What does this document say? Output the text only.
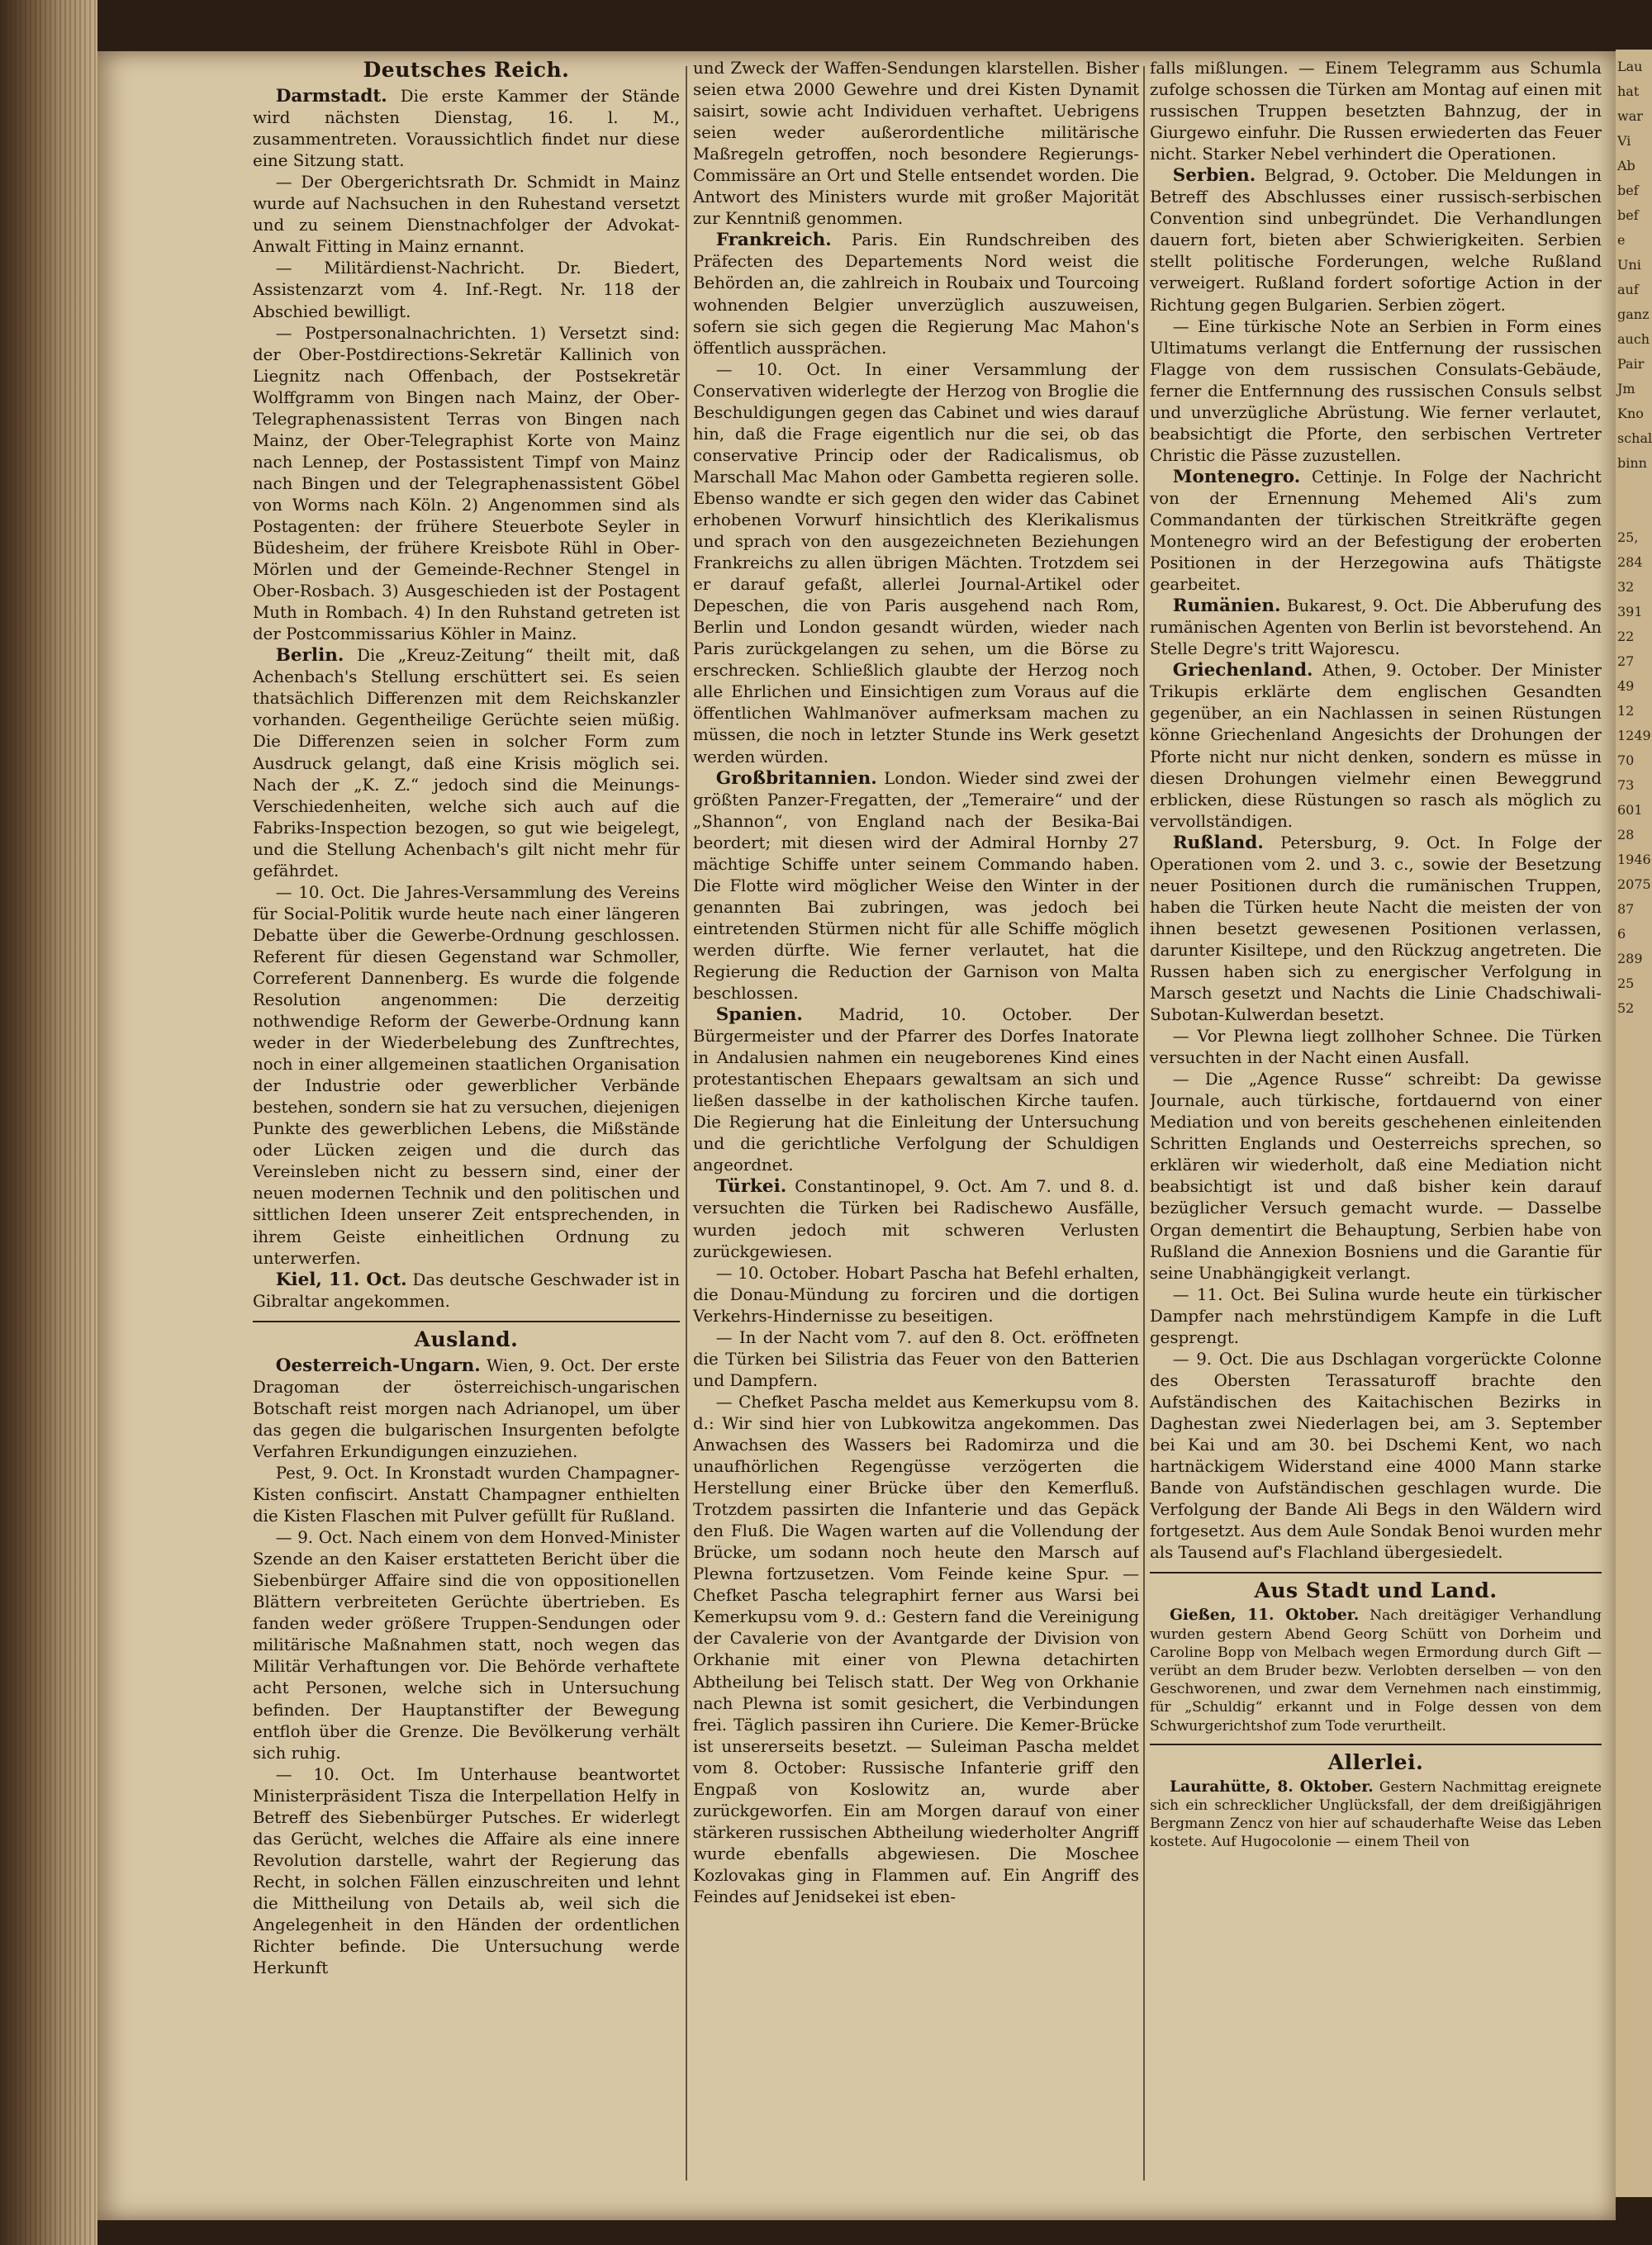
Lau
hat
war
Vi
Ab
bef
bef
e
Uni
auf
ganz
auch
Pair
Jm
Kno
schal
binn

25,
284
32
391
22
27
49
12
1249
70
73
601
28
1946
2075
87
6
289
25
52
Deutsches Reich.

Darmstadt. Die erste Kammer der Stände wird nächsten Dienstag, 16. l. M., zusammentreten. Voraussichtlich findet nur diese eine Sitzung statt.

— Der Obergerichtsrath Dr. Schmidt in Mainz wurde auf Nachsuchen in den Ruhestand versetzt und zu seinem Dienstnachfolger der Advokat-Anwalt Fitting in Mainz ernannt.

— Militärdienst-Nachricht. Dr. Biedert, Assistenzarzt vom 4. Inf.-Regt. Nr. 118 der Abschied bewilligt.

— Postpersonalnachrichten. 1) Versetzt sind: der Ober-Postdirections-Sekretär Kallinich von Liegnitz nach Offenbach, der Postsekretär Wolffgramm von Bingen nach Mainz, der Ober-Telegraphenassistent Terras von Bingen nach Mainz, der Ober-Telegraphist Korte von Mainz nach Lennep, der Postassistent Timpf von Mainz nach Bingen und der Telegraphenassistent Göbel von Worms nach Köln. 2) Angenommen sind als Postagenten: der frühere Steuerbote Seyler in Büdesheim, der frühere Kreisbote Rühl in Ober-Mörlen und der Gemeinde-Rechner Stengel in Ober-Rosbach. 3) Ausgeschieden ist der Postagent Muth in Rombach. 4) In den Ruhstand getreten ist der Postcommissarius Köhler in Mainz.

Berlin. Die „Kreuz-Zeitung“ theilt mit, daß Achenbach's Stellung erschüttert sei. Es seien thatsächlich Differenzen mit dem Reichskanzler vorhanden. Gegentheilige Gerüchte seien müßig. Die Differenzen seien in solcher Form zum Ausdruck gelangt, daß eine Krisis möglich sei. Nach der „K. Z.“ jedoch sind die Meinungs-Verschiedenheiten, welche sich auch auf die Fabriks-Inspection bezogen, so gut wie beigelegt, und die Stellung Achenbach's gilt nicht mehr für gefährdet.

— 10. Oct. Die Jahres-Versammlung des Vereins für Social-Politik wurde heute nach einer längeren Debatte über die Gewerbe-Ordnung geschlossen. Referent für diesen Gegenstand war Schmoller, Correferent Dannenberg. Es wurde die folgende Resolution angenommen: Die derzeitig nothwendige Reform der Gewerbe-Ordnung kann weder in der Wiederbelebung des Zunftrechtes, noch in einer allgemeinen staatlichen Organisation der Industrie oder gewerblicher Verbände bestehen, sondern sie hat zu versuchen, diejenigen Punkte des gewerblichen Lebens, die Mißstände oder Lücken zeigen und die durch das Vereinsleben nicht zu bessern sind, einer der neuen modernen Technik und den politischen und sittlichen Ideen unserer Zeit entsprechenden, in ihrem Geiste einheitlichen Ordnung zu unterwerfen.

Kiel, 11. Oct. Das deutsche Geschwader ist in Gibraltar angekommen.

Ausland.

Oesterreich-Ungarn. Wien, 9. Oct. Der erste Dragoman der österreichisch-ungarischen Botschaft reist morgen nach Adrianopel, um über das gegen die bulgarischen Insurgenten befolgte Verfahren Erkundigungen einzuziehen.

Pest, 9. Oct. In Kronstadt wurden Champagner-Kisten confiscirt. Anstatt Champagner enthielten die Kisten Flaschen mit Pulver gefüllt für Rußland.

— 9. Oct. Nach einem von dem Honved-Minister Szende an den Kaiser erstatteten Bericht über die Siebenbürger Affaire sind die von oppositionellen Blättern verbreiteten Gerüchte übertrieben. Es fanden weder größere Truppen-Sendungen oder militärische Maßnahmen statt, noch wegen das Militär Verhaftungen vor. Die Behörde verhaftete acht Personen, welche sich in Untersuchung befinden. Der Hauptanstifter der Bewegung entfloh über die Grenze. Die Bevölkerung verhält sich ruhig.

— 10. Oct. Im Unterhause beantwortet Ministerpräsident Tisza die Interpellation Helfy in Betreff des Siebenbürger Putsches. Er widerlegt das Gerücht, welches die Affaire als eine innere Revolution darstelle, wahrt der Regierung das Recht, in solchen Fällen einzuschreiten und lehnt die Mittheilung von Details ab, weil sich die Angelegenheit in den Händen der ordentlichen Richter befinde. Die Untersuchung werde Herkunft

und Zweck der Waffen-Sendungen klarstellen. Bisher seien etwa 2000 Gewehre und drei Kisten Dynamit saisirt, sowie acht Individuen verhaftet. Uebrigens seien weder außerordentliche militärische Maßregeln getroffen, noch besondere Regierungs-Commissäre an Ort und Stelle entsendet worden. Die Antwort des Ministers wurde mit großer Majorität zur Kenntniß genommen.

Frankreich. Paris. Ein Rundschreiben des Präfecten des Departements Nord weist die Behörden an, die zahlreich in Roubaix und Tourcoing wohnenden Belgier unverzüglich auszuweisen, sofern sie sich gegen die Regierung Mac Mahon's öffentlich aussprächen.

— 10. Oct. In einer Versammlung der Conservativen widerlegte der Herzog von Broglie die Beschuldigungen gegen das Cabinet und wies darauf hin, daß die Frage eigentlich nur die sei, ob das conservative Princip oder der Radicalismus, ob Marschall Mac Mahon oder Gambetta regieren solle. Ebenso wandte er sich gegen den wider das Cabinet erhobenen Vorwurf hinsichtlich des Klerikalismus und sprach von den ausgezeichneten Beziehungen Frankreichs zu allen übrigen Mächten. Trotzdem sei er darauf gefaßt, allerlei Journal-Artikel oder Depeschen, die von Paris ausgehend nach Rom, Berlin und London gesandt würden, wieder nach Paris zurückgelangen zu sehen, um die Börse zu erschrecken. Schließlich glaubte der Herzog noch alle Ehrlichen und Einsichtigen zum Voraus auf die öffentlichen Wahlmanöver aufmerksam machen zu müssen, die noch in letzter Stunde ins Werk gesetzt werden würden.

Großbritannien. London. Wieder sind zwei der größten Panzer-Fregatten, der „Temeraire“ und der „Shannon“, von England nach der Besika-Bai beordert; mit diesen wird der Admiral Hornby 27 mächtige Schiffe unter seinem Commando haben. Die Flotte wird möglicher Weise den Winter in der genannten Bai zubringen, was jedoch bei eintretenden Stürmen nicht für alle Schiffe möglich werden dürfte. Wie ferner verlautet, hat die Regierung die Reduction der Garnison von Malta beschlossen.

Spanien. Madrid, 10. October. Der Bürgermeister und der Pfarrer des Dorfes Inatorate in Andalusien nahmen ein neugeborenes Kind eines protestantischen Ehepaars gewaltsam an sich und ließen dasselbe in der katholischen Kirche taufen. Die Regierung hat die Einleitung der Untersuchung und die gerichtliche Verfolgung der Schuldigen angeordnet.

Türkei. Constantinopel, 9. Oct. Am 7. und 8. d. versuchten die Türken bei Radischewo Ausfälle, wurden jedoch mit schweren Verlusten zurückgewiesen.

— 10. October. Hobart Pascha hat Befehl erhalten, die Donau-Mündung zu forciren und die dortigen Verkehrs-Hindernisse zu beseitigen.

— In der Nacht vom 7. auf den 8. Oct. eröffneten die Türken bei Silistria das Feuer von den Batterien und Dampfern.

— Chefket Pascha meldet aus Kemerkupsu vom 8. d.: Wir sind hier von Lubkowitza angekommen. Das Anwachsen des Wassers bei Radomirza und die unaufhörlichen Regengüsse verzögerten die Herstellung einer Brücke über den Kemerfluß. Trotzdem passirten die Infanterie und das Gepäck den Fluß. Die Wagen warten auf die Vollendung der Brücke, um sodann noch heute den Marsch auf Plewna fortzusetzen. Vom Feinde keine Spur. — Chefket Pascha telegraphirt ferner aus Warsi bei Kemerkupsu vom 9. d.: Gestern fand die Vereinigung der Cavalerie von der Avantgarde der Division von Orkhanie mit einer von Plewna detachirten Abtheilung bei Telisch statt. Der Weg von Orkhanie nach Plewna ist somit gesichert, die Verbindungen frei. Täglich passiren ihn Curiere. Die Kemer-Brücke ist unsererseits besetzt. — Suleiman Pascha meldet vom 8. October: Russische Infanterie griff den Engpaß von Koslowitz an, wurde aber zurückgeworfen. Ein am Morgen darauf von einer stärkeren russischen Abtheilung wiederholter Angriff wurde ebenfalls abgewiesen. Die Moschee Kozlovakas ging in Flammen auf. Ein Angriff des Feindes auf Jenidsekei ist eben-

falls mißlungen. — Einem Telegramm aus Schumla zufolge schossen die Türken am Montag auf einen mit russischen Truppen besetzten Bahnzug, der in Giurgewo einfuhr. Die Russen erwiederten das Feuer nicht. Starker Nebel verhindert die Operationen.

Serbien. Belgrad, 9. October. Die Meldungen in Betreff des Abschlusses einer russisch-serbischen Convention sind unbegründet. Die Verhandlungen dauern fort, bieten aber Schwierigkeiten. Serbien stellt politische Forderungen, welche Rußland verweigert. Rußland fordert sofortige Action in der Richtung gegen Bulgarien. Serbien zögert.

— Eine türkische Note an Serbien in Form eines Ultimatums verlangt die Entfernung der russischen Flagge von dem russischen Consulats-Gebäude, ferner die Entfernnung des russischen Consuls selbst und unverzügliche Abrüstung. Wie ferner verlautet, beabsichtigt die Pforte, den serbischen Vertreter Christic die Pässe zuzustellen.

Montenegro. Cettinje. In Folge der Nachricht von der Ernennung Mehemed Ali's zum Commandanten der türkischen Streitkräfte gegen Montenegro wird an der Befestigung der eroberten Positionen in der Herzegowina aufs Thätigste gearbeitet.

Rumänien. Bukarest, 9. Oct. Die Abberufung des rumänischen Agenten von Berlin ist bevorstehend. An Stelle Degre's tritt Wajorescu.

Griechenland. Athen, 9. October. Der Minister Trikupis erklärte dem englischen Gesandten gegenüber, an ein Nachlassen in seinen Rüstungen könne Griechenland Angesichts der Drohungen der Pforte nicht nur nicht denken, sondern es müsse in diesen Drohungen vielmehr einen Beweggrund erblicken, diese Rüstungen so rasch als möglich zu vervollständigen.

Rußland. Petersburg, 9. Oct. In Folge der Operationen vom 2. und 3. c., sowie der Besetzung neuer Positionen durch die rumänischen Truppen, haben die Türken heute Nacht die meisten der von ihnen besetzt gewesenen Positionen verlassen, darunter Kisiltepe, und den Rückzug angetreten. Die Russen haben sich zu energischer Verfolgung in Marsch gesetzt und Nachts die Linie Chadschiwali-Subotan-Kulwerdan besetzt.

— Vor Plewna liegt zollhoher Schnee. Die Türken versuchten in der Nacht einen Ausfall.

— Die „Agence Russe“ schreibt: Da gewisse Journale, auch türkische, fortdauernd von einer Mediation und von bereits geschehenen einleitenden Schritten Englands und Oesterreichs sprechen, so erklären wir wiederholt, daß eine Mediation nicht beabsichtigt ist und daß bisher kein darauf bezüglicher Versuch gemacht wurde. — Dasselbe Organ dementirt die Behauptung, Serbien habe von Rußland die Annexion Bosniens und die Garantie für seine Unabhängigkeit verlangt.

— 11. Oct. Bei Sulina wurde heute ein türkischer Dampfer nach mehrstündigem Kampfe in die Luft gesprengt.

— 9. Oct. Die aus Dschlagan vorgerückte Colonne des Obersten Terassaturoff brachte den Aufständischen des Kaitachischen Bezirks in Daghestan zwei Niederlagen bei, am 3. September bei Kai und am 30. bei Dschemi Kent, wo nach hartnäckigem Widerstand eine 4000 Mann starke Bande von Aufständischen geschlagen wurde. Die Verfolgung der Bande Ali Begs in den Wäldern wird fortgesetzt. Aus dem Aule Sondak Benoi wurden mehr als Tausend auf's Flachland übergesiedelt.

Aus Stadt und Land.

Gießen, 11. Oktober. Nach dreitägiger Verhandlung wurden gestern Abend Georg Schütt von Dorheim und Caroline Bopp von Melbach wegen Ermordung durch Gift — verübt an dem Bruder bezw. Verlobten derselben — von den Geschworenen, und zwar dem Vernehmen nach einstimmig, für „Schuldig“ erkannt und in Folge dessen von dem Schwurgerichtshof zum Tode verurtheilt.

Allerlei.

Laurahütte, 8. Oktober. Gestern Nachmittag ereignete sich ein schrecklicher Unglücksfall, der dem dreißigjährigen Bergmann Zencz von hier auf schauderhafte Weise das Leben kostete. Auf Hugocolonie — einem Theil von
